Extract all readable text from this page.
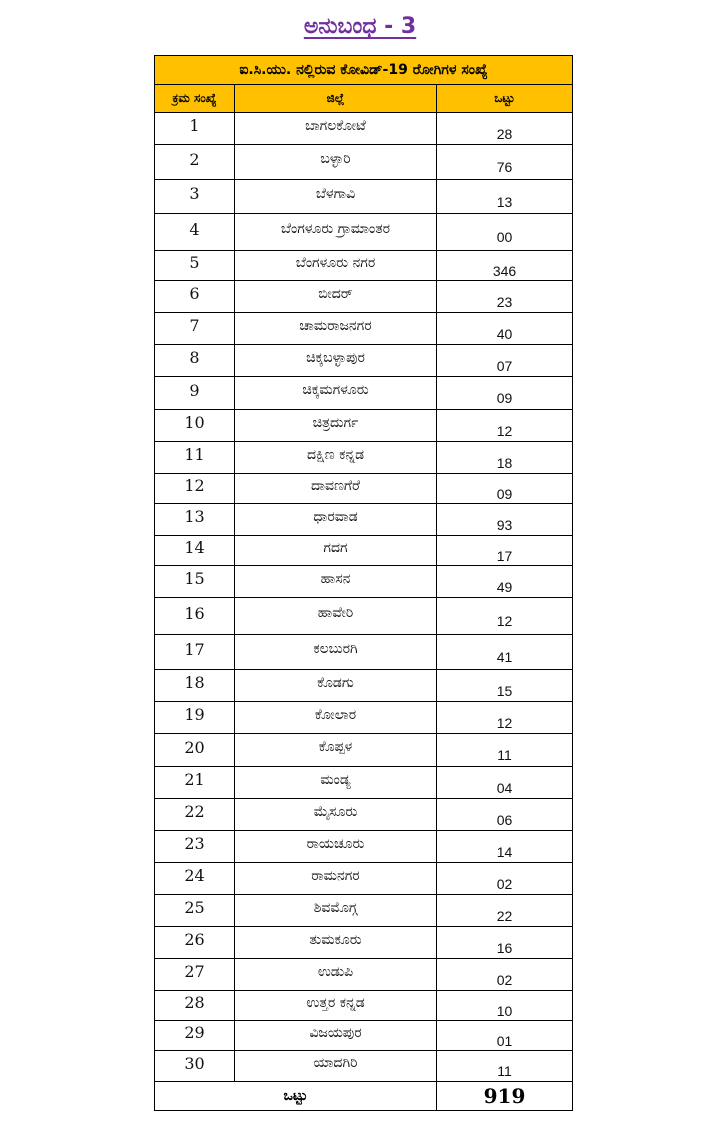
ಅನುಬಂಧ - 3
ಐ.ಸಿ.ಯು. ನಲ್ಲಿರುವ ಕೋವಿಡ್-19 ರೋಗಿಗಳ ಸಂಖ್ಯೆ		
ಕ್ರಮ ಸಂಖ್ಯೆ	ಜಿಲ್ಲೆ	ಒಟ್ಟು
1	ಬಾಗಲಕೋಟೆ	28
2	ಬಳ್ಳಾರಿ	76
3	ಬೆಳಗಾವಿ	13
4	ಬೆಂಗಳೂರು ಗ್ರಾಮಾಂತರ	00
5	ಬೆಂಗಳೂರು ನಗರ	346
6	ಬೀದರ್	23
7	ಚಾಮರಾಜನಗರ	40
8	ಚಿಕ್ಕಬಳ್ಳಾಪುರ	07
9	ಚಿಕ್ಕಮಗಳೂರು	09
10	ಚಿತ್ರದುರ್ಗ	12
11	ದಕ್ಷಿಣ ಕನ್ನಡ	18
12	ದಾವಣಗೆರೆ	09
13	ಧಾರವಾಡ	93
14	ಗದಗ	17
15	ಹಾಸನ	49
16	ಹಾವೇರಿ	12
17	ಕಲಬುರಗಿ	41
18	ಕೊಡಗು	15
19	ಕೋಲಾರ	12
20	ಕೊಪ್ಪಳ	11
21	ಮಂಡ್ಯ	04
22	ಮೈಸೂರು	06
23	ರಾಯಚೂರು	14
24	ರಾಮನಗರ	02
25	ಶಿವಮೊಗ್ಗ	22
26	ತುಮಕೂರು	16
27	ಉಡುಪಿ	02
28	ಉತ್ತರ ಕನ್ನಡ	10
29	ವಿಜಯಪುರ	01
30	ಯಾದಗಿರಿ	11
ಒಟ್ಟು		919
